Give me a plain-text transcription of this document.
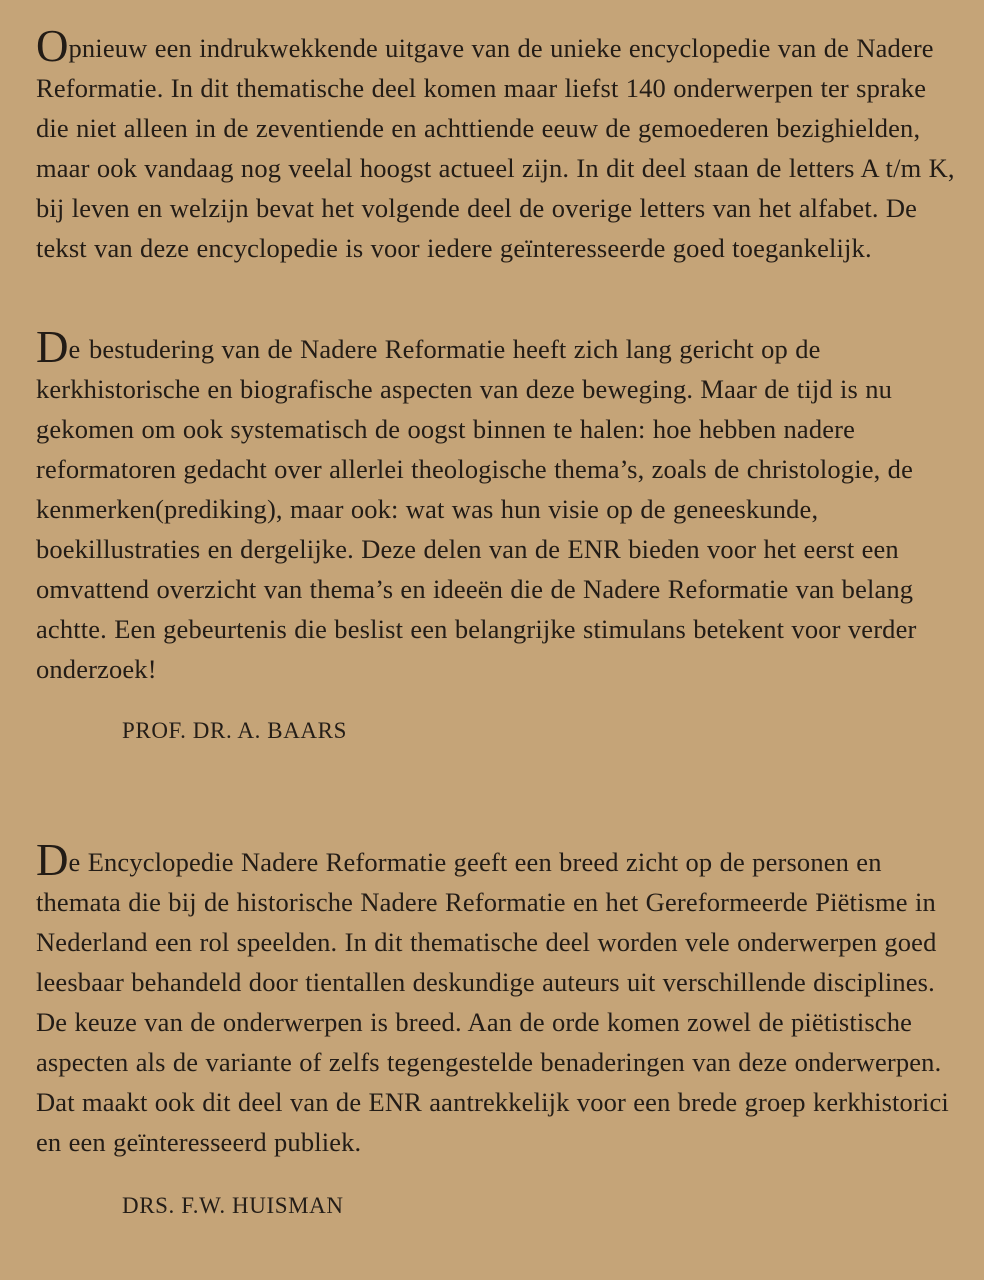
Opnieuw een indrukwekkende uitgave van de unieke encyclopedie van de Nadere Reformatie. In dit thematische deel komen maar liefst 140 onderwerpen ter sprake die niet alleen in de zeventiende en achttiende eeuw de gemoederen bezighielden, maar ook vandaag nog veelal hoogst actueel zijn. In dit deel staan de letters A t/m K, bij leven en welzijn bevat het volgende deel de overige letters van het alfabet. De tekst van deze encyclopedie is voor iedere geïnteresseerde goed toegankelijk.

De bestudering van de Nadere Reformatie heeft zich lang gericht op de kerkhistorische en biografische aspecten van deze beweging. Maar de tijd is nu gekomen om ook systematisch de oogst binnen te halen: hoe hebben nadere reformatoren gedacht over allerlei theologische thema’s, zoals de christologie, de kenmerken(prediking), maar ook: wat was hun visie op de geneeskunde, boekillustraties en dergelijke. Deze delen van de ENR bieden voor het eerst een omvattend overzicht van thema’s en ideeën die de Nadere Reformatie van belang achtte. Een gebeurtenis die beslist een belangrijke stimulans betekent voor verder onderzoek!

PROF. DR. A. BAARS

De Encyclopedie Nadere Reformatie geeft een breed zicht op de personen en themata die bij de historische Nadere Reformatie en het Gereformeerde Piëtisme in Nederland een rol speelden. In dit thematische deel worden vele onderwerpen goed leesbaar behandeld door tientallen deskundige auteurs uit verschillende disciplines. De keuze van de onderwerpen is breed. Aan de orde komen zowel de piëtistische aspecten als de variante of zelfs tegengestelde benaderingen van deze onderwerpen. Dat maakt ook dit deel van de ENR aantrekkelijk voor een brede groep kerkhistorici en een geïnteresseerd publiek.

DRS. F.W. HUISMAN
